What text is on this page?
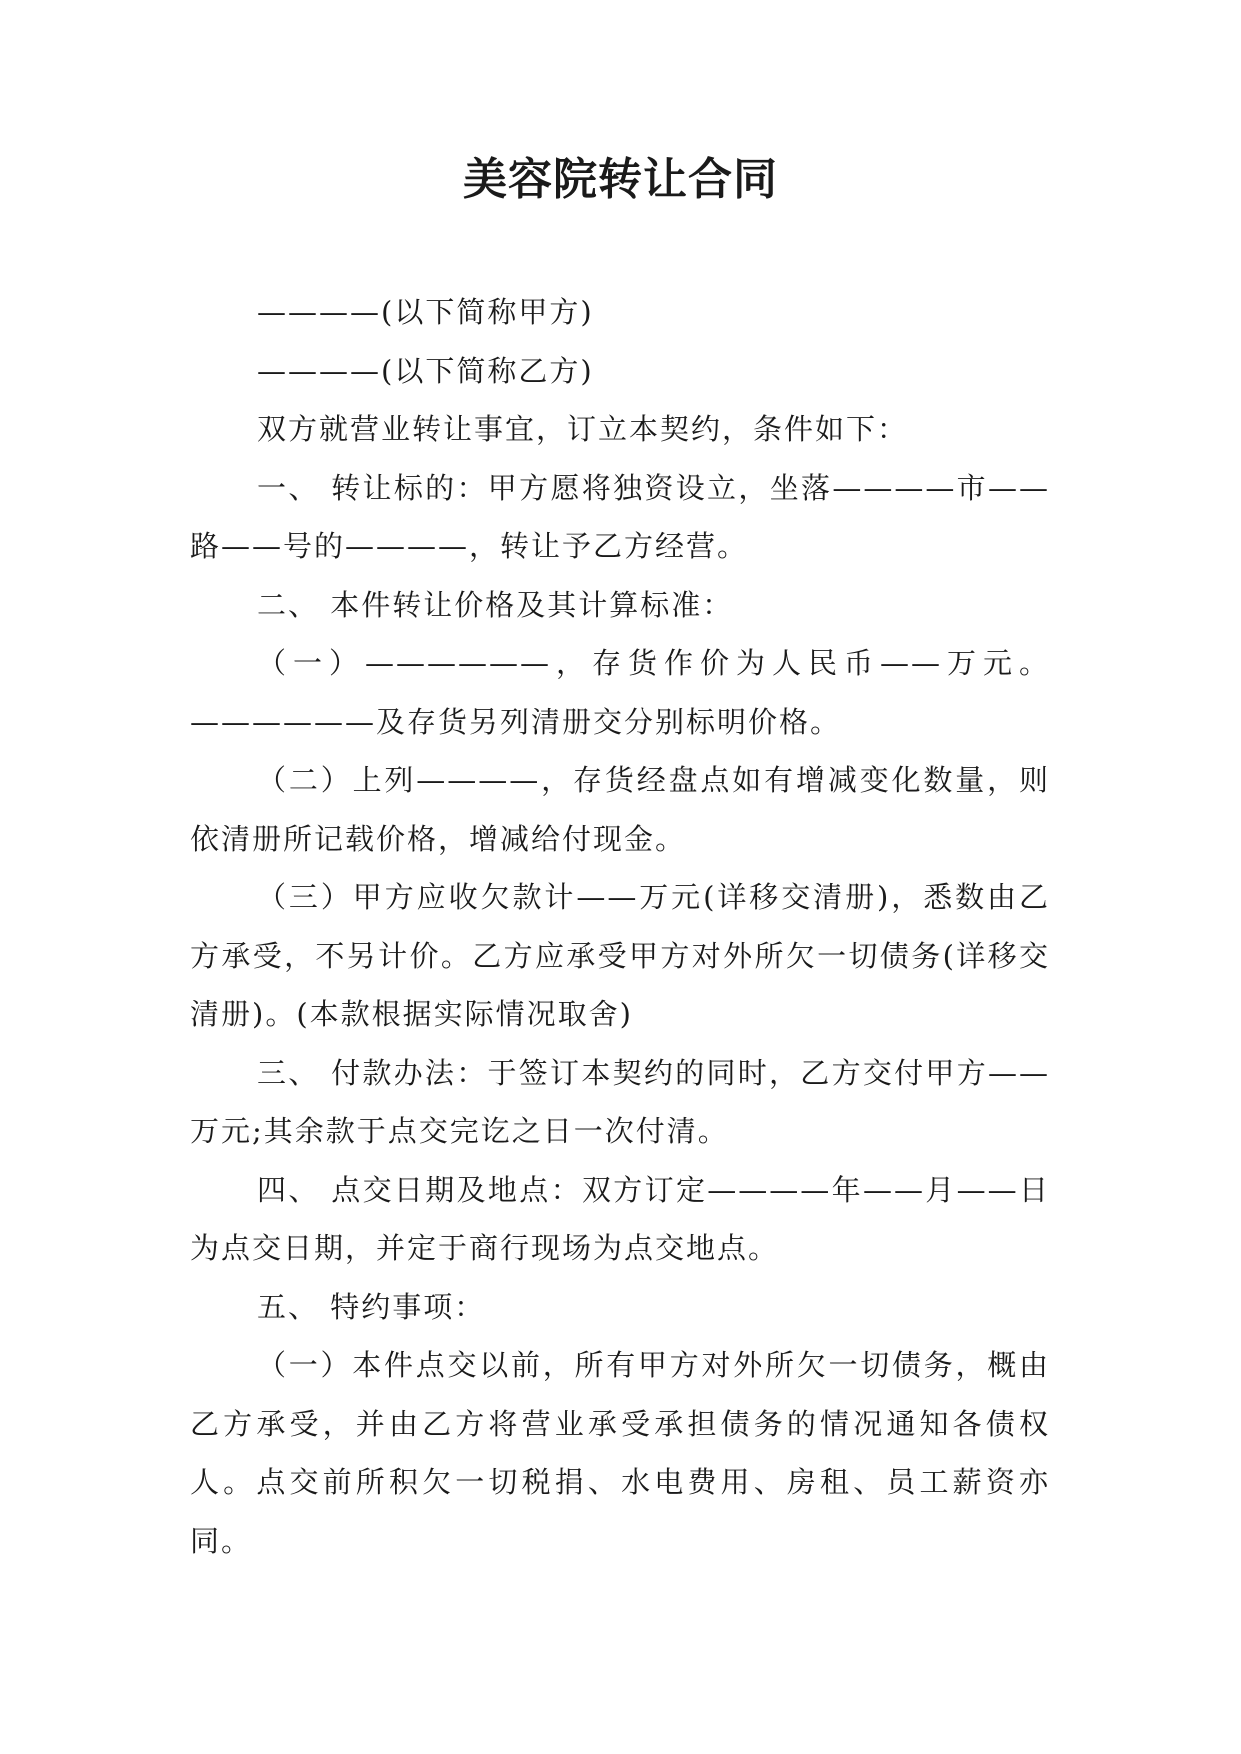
美容院转让合同

————(以下简称甲方)

————(以下简称乙方)

双方就营业转让事宜，订立本契约，条件如下：

一、 转让标的：甲方愿将独资设立，坐落————市——路——号的————，转让予乙方经营。

二、 本件转让价格及其计算标准：

（一）——————，存货作价为人民币——万元。——————及存货另列清册交分别标明价格。

（二）上列————，存货经盘点如有增减变化数量，则依清册所记载价格，增减给付现金。

（三）甲方应收欠款计——万元(详移交清册)，悉数由乙方承受，不另计价。乙方应承受甲方对外所欠一切债务(详移交清册)。(本款根据实际情况取舍)

三、 付款办法：于签订本契约的同时，乙方交付甲方——万元;其余款于点交完讫之日一次付清。

四、 点交日期及地点：双方订定————年——月——日为点交日期，并定于商行现场为点交地点。

五、 特约事项：

（一）本件点交以前，所有甲方对外所欠一切债务，概由乙方承受，并由乙方将营业承受承担债务的情况通知各债权人。点交前所积欠一切税捐、水电费用、房租、员工薪资亦同。
